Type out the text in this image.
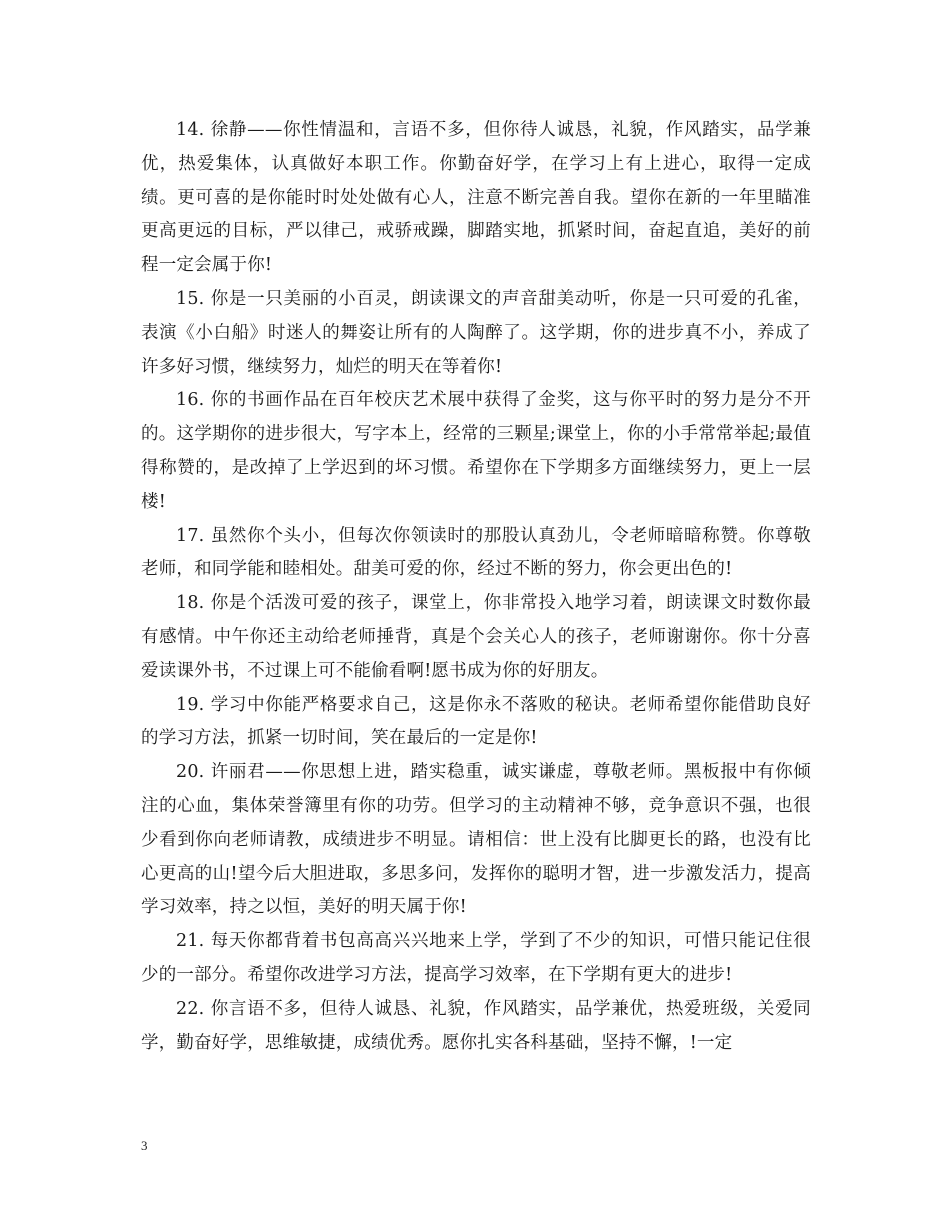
14. 徐静——你性情温和，言语不多，但你待人诚恳，礼貌，作风踏实，品学兼优，热爱集体，认真做好本职工作。你勤奋好学，在学习上有上进心，取得一定成绩。更可喜的是你能时时处处做有心人，注意不断完善自我。望你在新的一年里瞄准更高更远的目标，严以律己，戒骄戒躁，脚踏实地，抓紧时间，奋起直追，美好的前程一定会属于你!

15. 你是一只美丽的小百灵，朗读课文的声音甜美动听，你是一只可爱的孔雀，表演《小白船》时迷人的舞姿让所有的人陶醉了。这学期，你的进步真不小，养成了许多好习惯，继续努力，灿烂的明天在等着你!

16. 你的书画作品在百年校庆艺术展中获得了金奖，这与你平时的努力是分不开的。这学期你的进步很大，写字本上，经常的三颗星;课堂上，你的小手常常举起;最值得称赞的，是改掉了上学迟到的坏习惯。希望你在下学期多方面继续努力，更上一层楼!

17. 虽然你个头小，但每次你领读时的那股认真劲儿，令老师暗暗称赞。你尊敬老师，和同学能和睦相处。甜美可爱的你，经过不断的努力，你会更出色的!

18. 你是个活泼可爱的孩子，课堂上，你非常投入地学习着，朗读课文时数你最有感情。中午你还主动给老师捶背，真是个会关心人的孩子，老师谢谢你。你十分喜爱读课外书，不过课上可不能偷看啊!愿书成为你的好朋友。

19. 学习中你能严格要求自己，这是你永不落败的秘诀。老师希望你能借助良好的学习方法，抓紧一切时间，笑在最后的一定是你!

20. 许丽君——你思想上进，踏实稳重，诚实谦虚，尊敬老师。黑板报中有你倾注的心血，集体荣誉簿里有你的功劳。但学习的主动精神不够，竞争意识不强，也很少看到你向老师请教，成绩进步不明显。请相信：世上没有比脚更长的路，也没有比心更高的山!望今后大胆进取，多思多问，发挥你的聪明才智，进一步激发活力，提高学习效率，持之以恒，美好的明天属于你!

21. 每天你都背着书包高高兴兴地来上学，学到了不少的知识，可惜只能记住很少的一部分。希望你改进学习方法，提高学习效率，在下学期有更大的进步!

22. 你言语不多，但待人诚恳、礼貌，作风踏实，品学兼优，热爱班级，关爱同学，勤奋好学，思维敏捷，成绩优秀。愿你扎实各科基础，坚持不懈，!一定

3
